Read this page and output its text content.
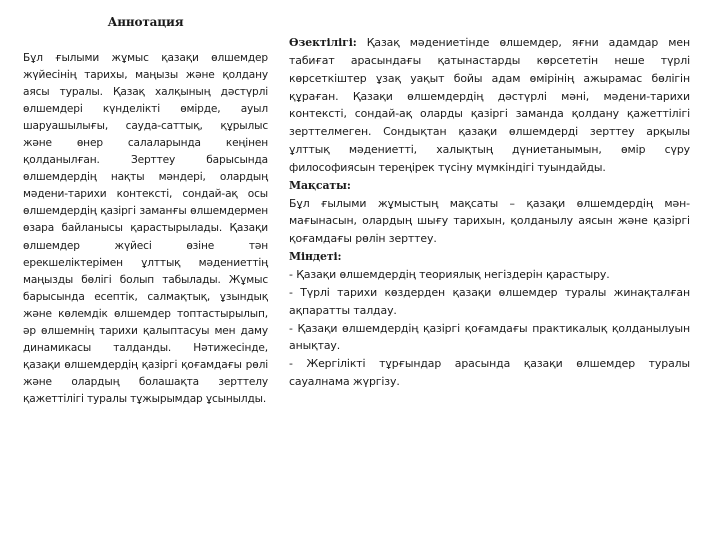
Аннотация

Бұл ғылыми жұмыс қазақи өлшемдер жүйесінің тарихы, маңызы және қолдану аясы туралы. Қазақ халқының дәстүрлі өлшемдері күнделікті өмірде, ауыл шаруашылығы, сауда-саттық, құрылыс және өнер салаларында кеңінен қолданылған. Зерттеу барысында өлшемдердің нақты мәндері, олардың мәдени-тарихи контексті, сондай-ақ осы өлшемдердің қазіргі заманғы өлшемдермен өзара байланысы қарастырылады. Қазақи өлшемдер жүйесі өзіне тән ерекшеліктерімен ұлттық мәдениеттің маңызды бөлігі болып табылады. Жұмыс барысында есептік, салмақтық, ұзындық және көлемдік өлшемдер топтастырылып, әр өлшемнің тарихи қалыптасуы мен даму динамикасы талданды. Нәтижесінде, қазақи өлшемдердің қазіргі қоғамдағы рөлі және олардың болашақта зерттелу қажеттілігі туралы тұжырымдар ұсынылды.

Өзектілігі: Қазақ мәдениетінде өлшемдер, яғни адамдар мен табиғат арасындағы қатынастарды көрсететін неше түрлі көрсеткіштер ұзақ уақыт бойы адам өмірінің ажырамас бөлігін құраған. Қазақи өлшемдердің дәстүрлі мәні, мәдени-тарихи контексті, сондай-ақ оларды қазіргі заманда қолдану қажеттілігі зерттелмеген. Сондықтан қазақи өлшемдерді зерттеу арқылы ұлттық мәдениетті, халықтың дүниетанымын, өмір сүру философиясын тереңірек түсіну мүмкіндігі туындайды.

Мақсаты:

Бұл ғылыми жұмыстың мақсаты – қазақи өлшемдердің мән-мағынасын, олардың шығу тарихын, қолданылу аясын және қазіргі қоғамдағы рөлін зерттеу.

Міндеті:

- Қазақи өлшемдердің теориялық негіздерін қарастыру.

- Түрлі тарихи көздерден қазақи өлшемдер туралы жинақталған ақпаратты талдау.

- Қазақи өлшемдердің қазіргі қоғамдағы практикалық қолданылуын анықтау.

- Жергілікті тұрғындар арасында қазақи өлшемдер туралы сауалнама жүргізу.
